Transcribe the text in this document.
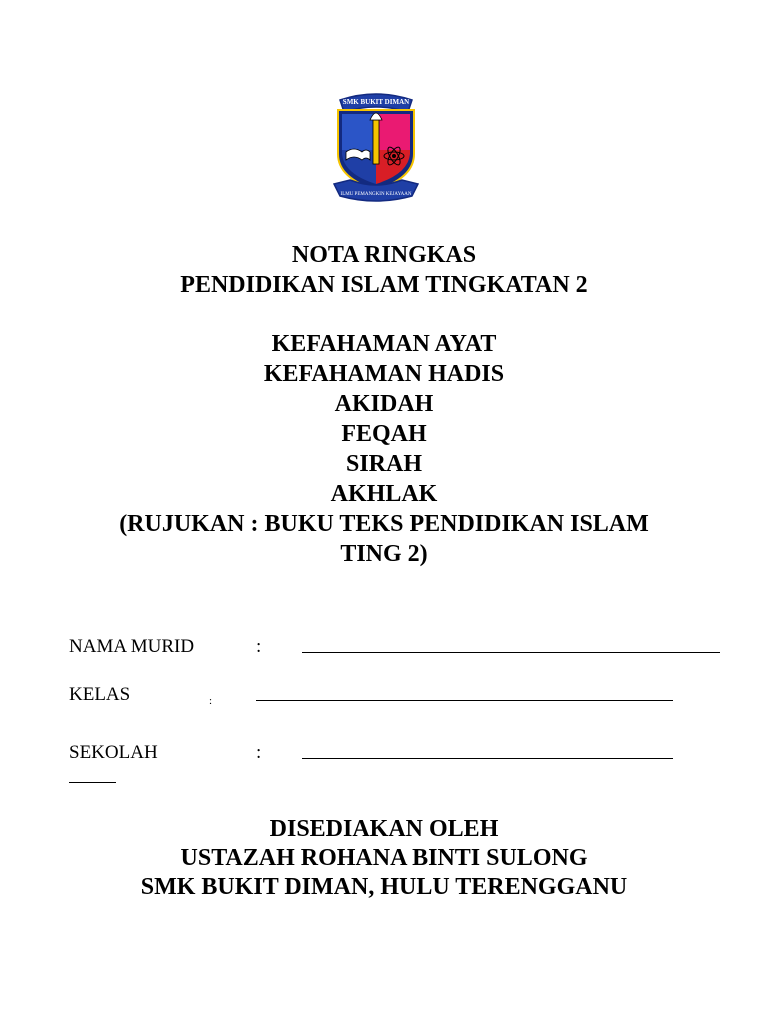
SMK BUKIT DIMAN
ILMU PEMANGKIN KEJAYAAN
NOTA RINGKAS
PENDIDIKAN ISLAM TINGKATAN 2
KEFAHAMAN AYAT
KEFAHAMAN HADIS
AKIDAH
FEQAH
SIRAH
AKHLAK
(RUJUKAN : BUKU TEKS PENDIDIKAN ISLAM
TING 2)
NAMA MURID	:
KELAS	:
SEKOLAH	:
DISEDIAKAN OLEH
USTAZAH ROHANA BINTI SULONG
SMK BUKIT DIMAN, HULU TERENGGANU
